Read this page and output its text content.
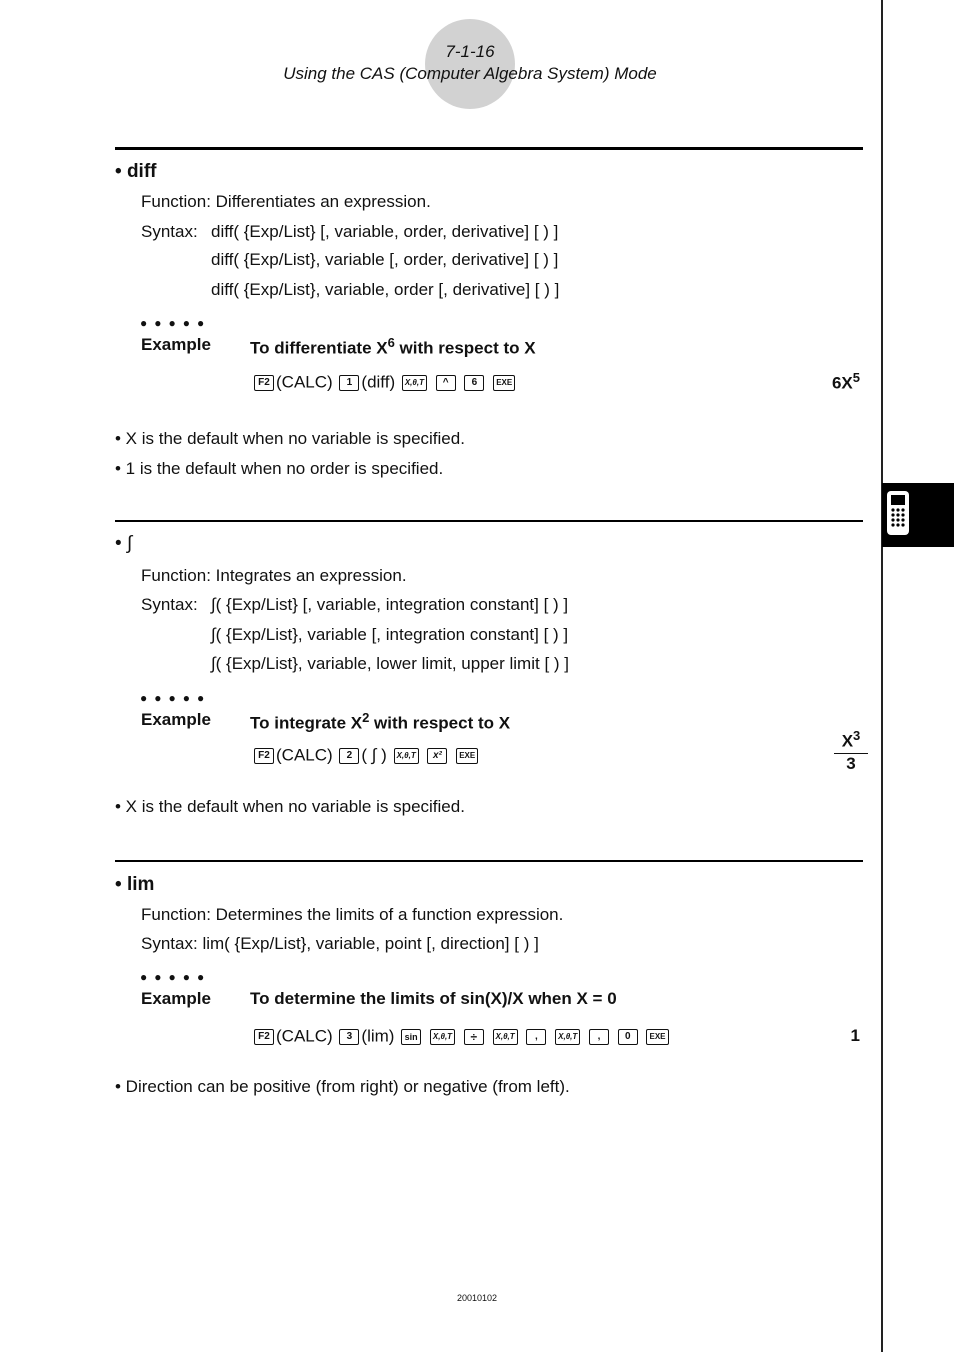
7-1-16
Using the CAS (Computer Algebra System) Mode
• diff
Function: Differentiates an expression.
Syntax: diff( {Exp/List} [, variable, order, derivative] [ ) ]
diff( {Exp/List}, variable [, order, derivative] [ ) ]
diff( {Exp/List}, variable, order [, derivative] [ ) ]
●●●●●
Example To differentiate $X^6$ with respect to X
F2 (CALC) 1 (diff) X,θ,T ^ 6 EXE	$6X^5$
• X is the default when no variable is specified.
• 1 is the default when no order is specified.
• ∫
Function: Integrates an expression.
Syntax: ∫( {Exp/List} [, variable, integration constant] [ ) ]
∫( {Exp/List}, variable [, integration constant] [ ) ]
∫( {Exp/List}, variable, lower limit, upper limit [ ) ]
●●●●●
Example To integrate $X^2$ with respect to X
F2 (CALC) 2 ( ∫ ) X,θ,T x² EXE	$\frac{X^3}{3}$
• X is the default when no variable is specified.
• lim
Function: Determines the limits of a function expression.
Syntax: lim( {Exp/List}, variable, point [, direction] [ ) ]
●●●●●
Example To determine the limits of sin(X)/X when X = 0
F2 (CALC) 3 (lim) sin X,θ,T ÷ X,θ,T ,	X,θ,T , 0 EXE	1
• Direction can be positive (from right) or negative (from left).
20010102
